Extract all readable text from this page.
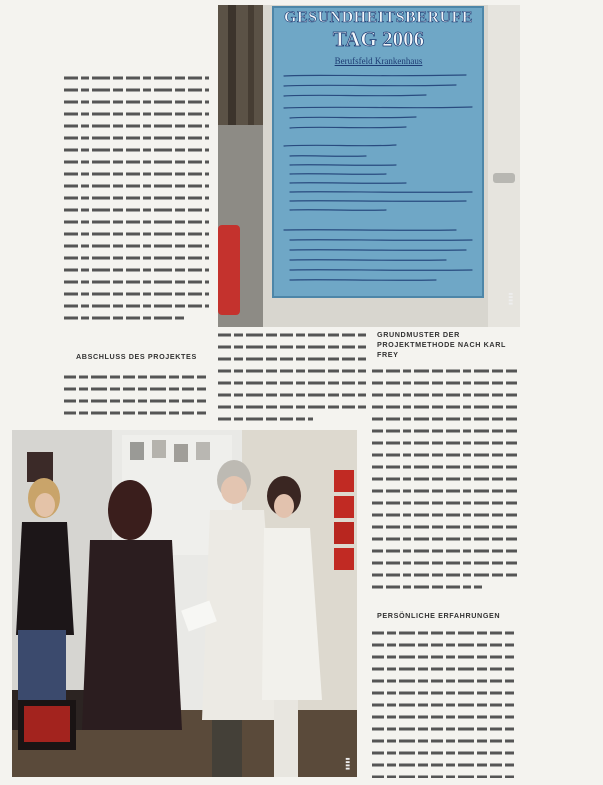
GESUNDHEITSBERUFE
TAG 2006
Berufsfeld Krankenhaus
▮▮▮▮
ABSCHLUSS DES PROJEKTES
GRUNDMUSTER DER PROJEKTMETHODE NACH KARL FREY
PERSÖNLICHE ERFAHRUNGEN
▮▮▮▮
